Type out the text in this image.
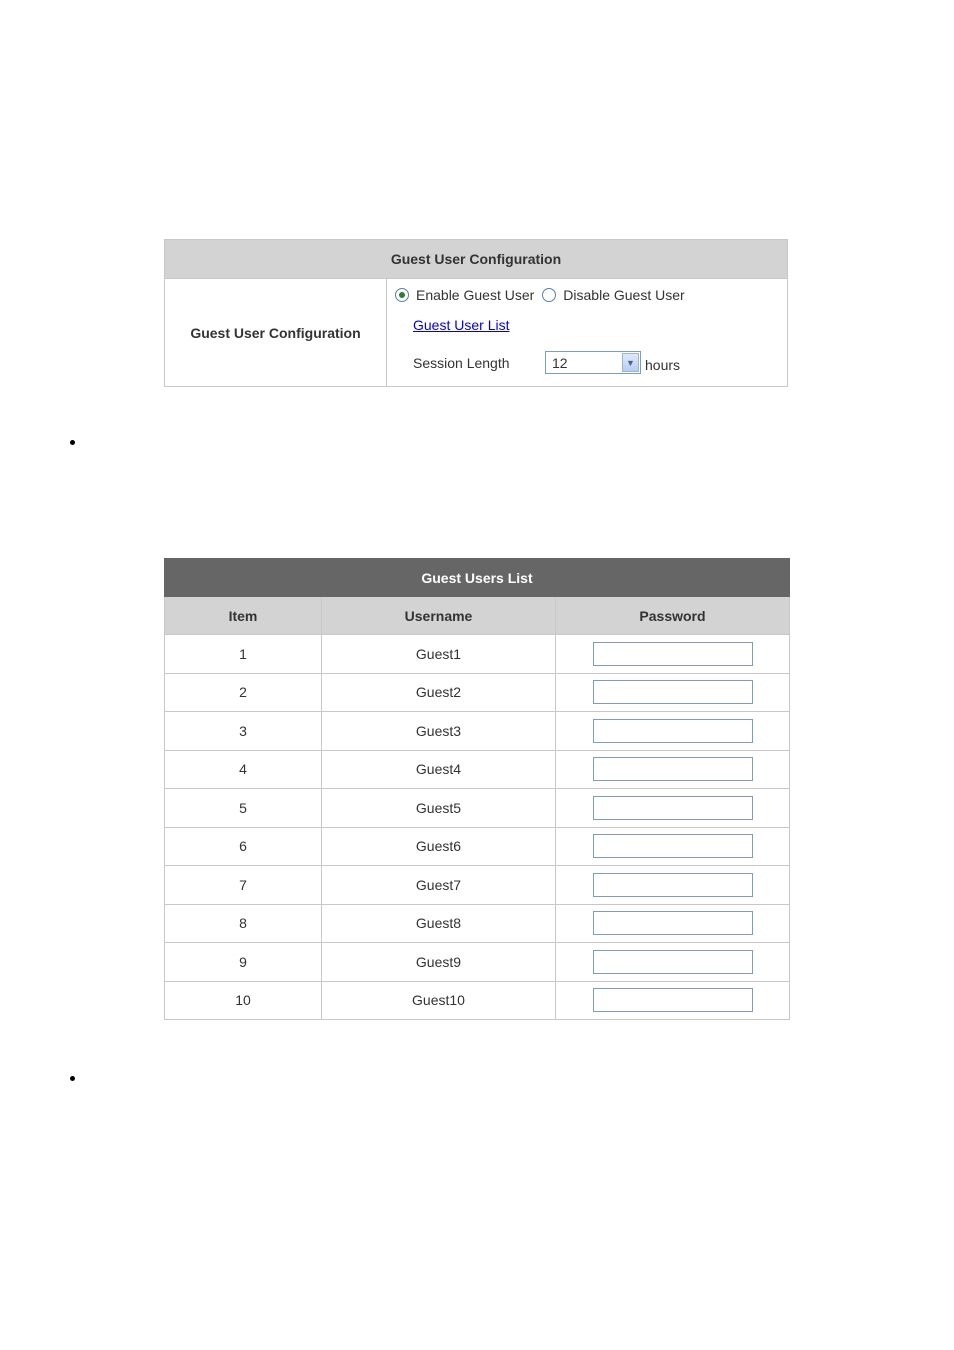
Guest User Configuration
Guest User Configuration
Enable Guest User Disable Guest User
Guest User List
Session Length	12	▼ hours
Guest Users List		
Item	Username	Password
1	Guest1	
2	Guest2	
3	Guest3	
4	Guest4	
5	Guest5	
6	Guest6	
7	Guest7	
8	Guest8	
9	Guest9	
10	Guest10	
